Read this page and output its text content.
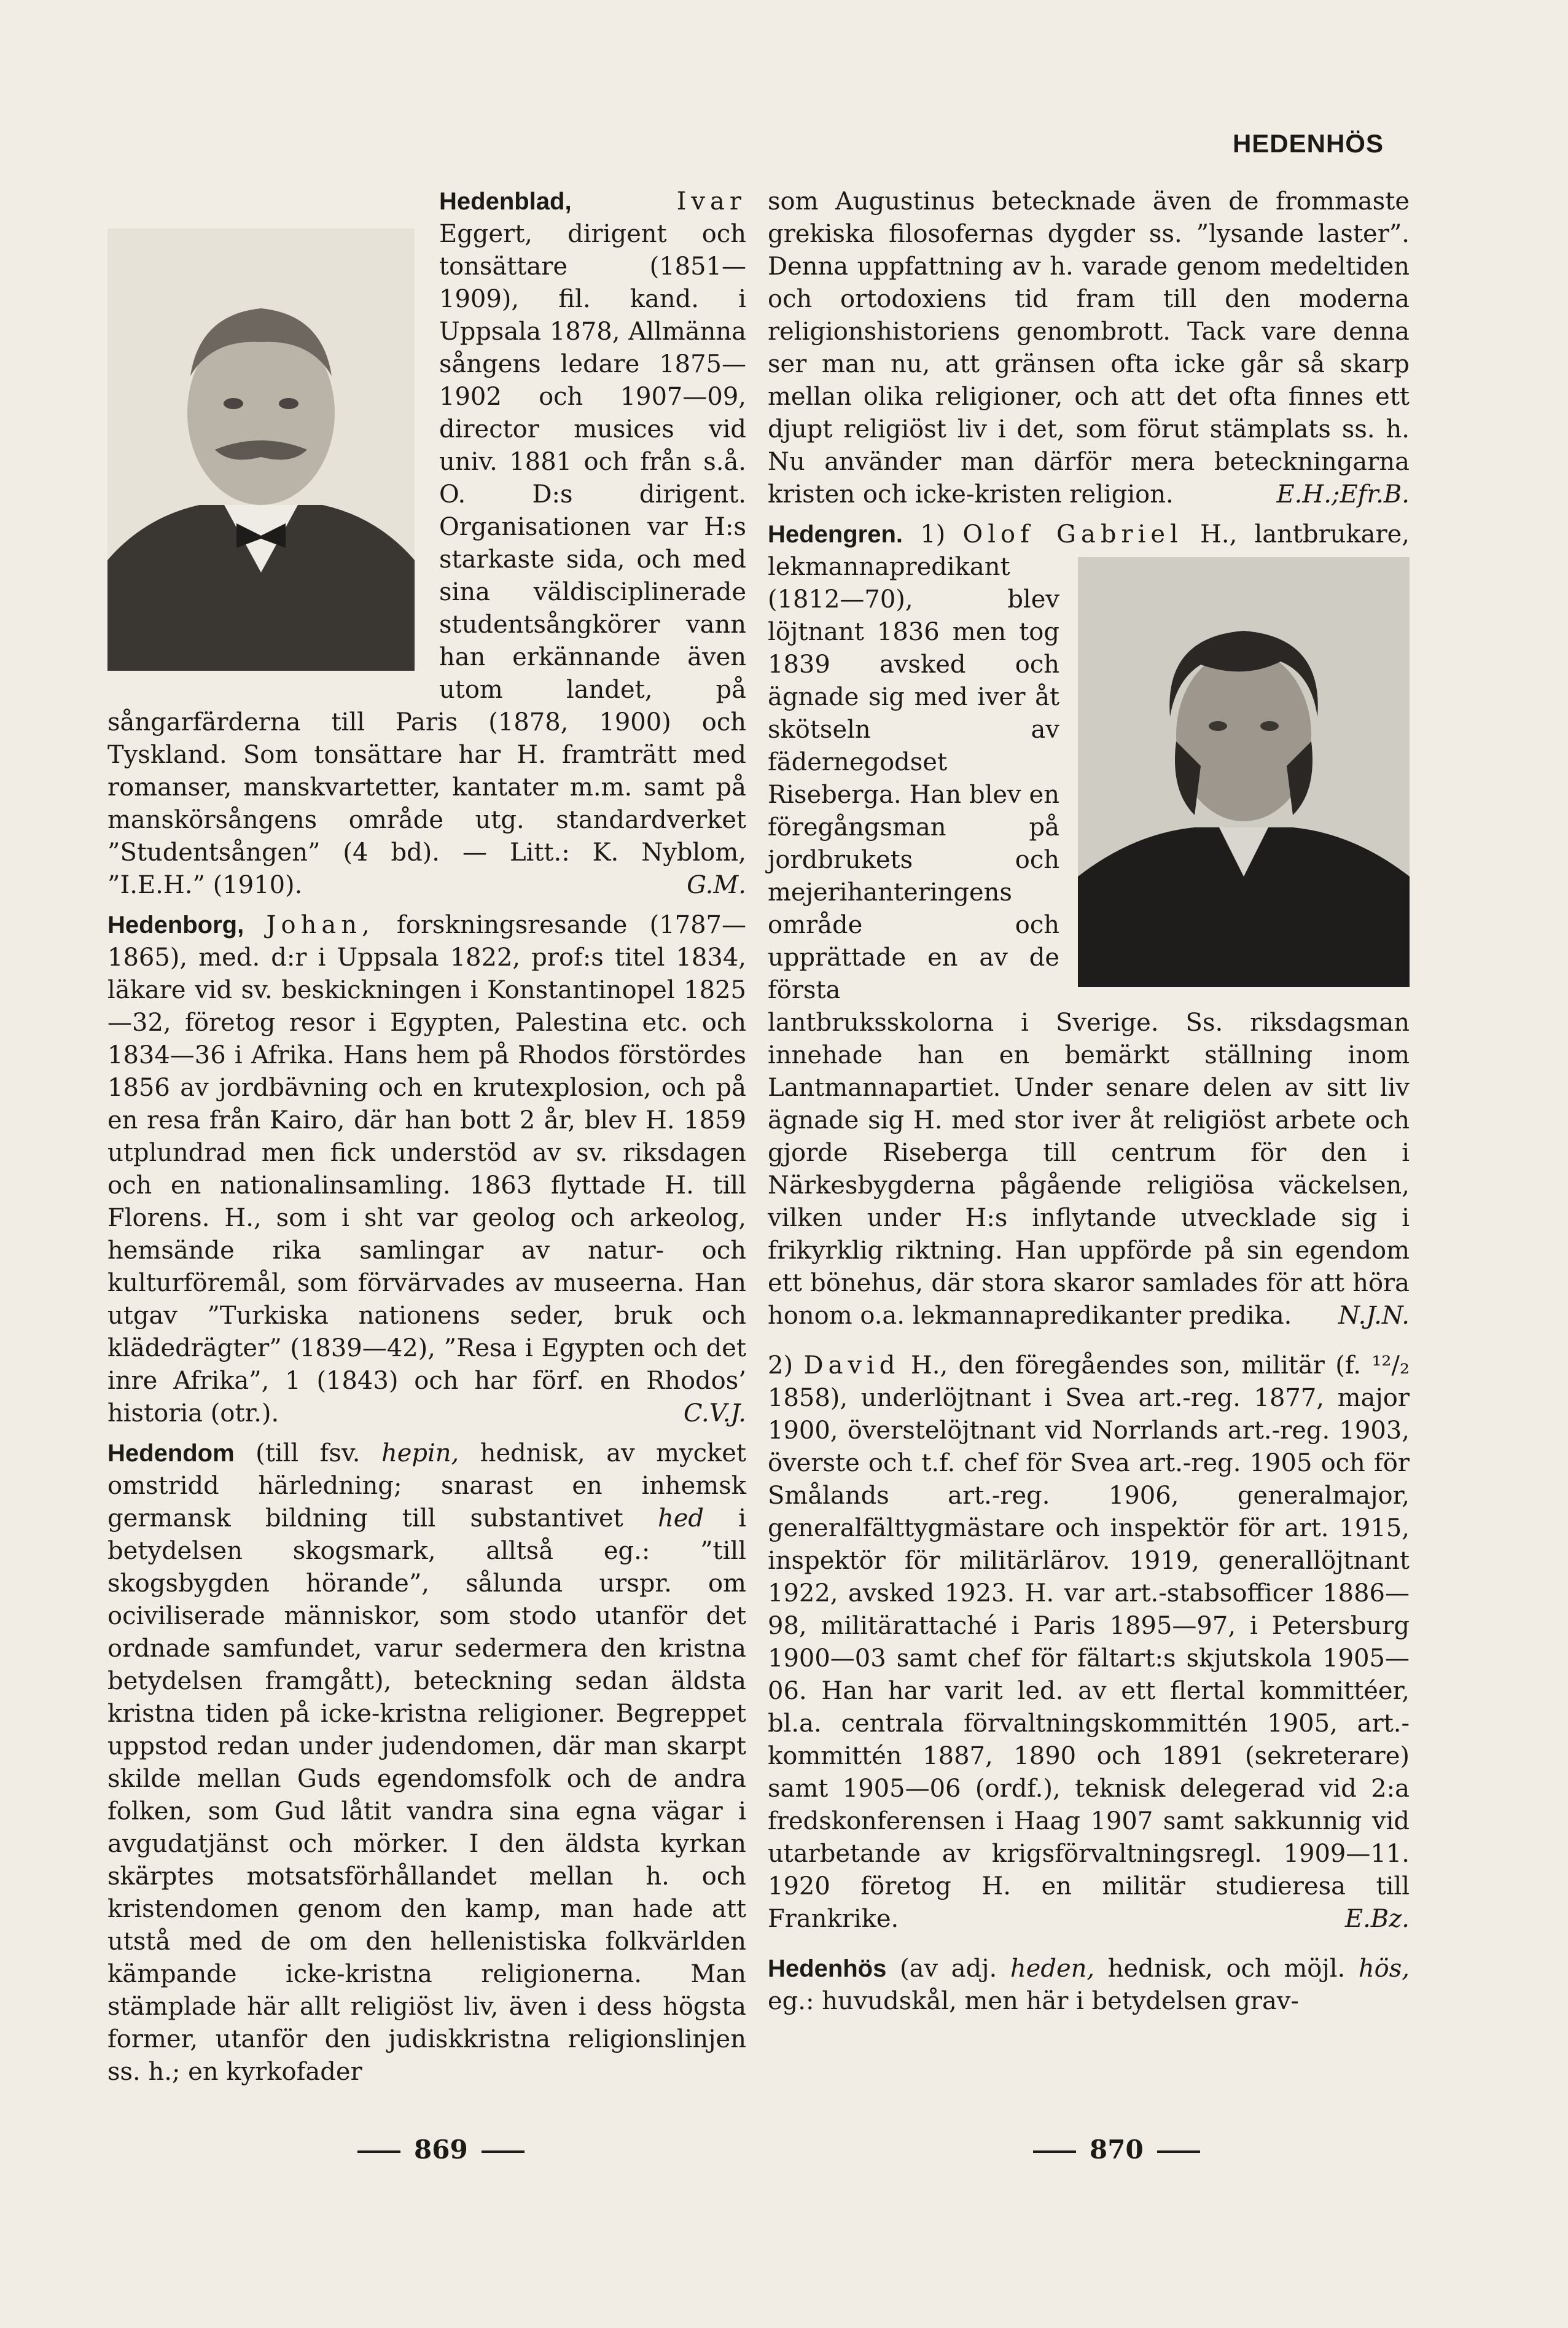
HEDENHÖS

Hedenblad,	Ivar
Eggert, dirigent och tonsättare (1851—1909), fil. kand. i Uppsala 1878, Allmänna sångens ledare 1875—1902 och 1907—09, director musices vid univ. 1881 och från s.å. O. D:s dirigent. Organisationen var H:s starkaste sida, och med sina väldisciplinerade studentsångkörer vann han erkännande även utom landet, på sångarfärderna till Paris (1878, 1900) och Tyskland. Som tonsättare har H. framträtt med romanser, manskvartetter, kantater m.m. samt på manskörsångens område utg. standardverket ”Studentsången” (4 bd). — Litt.: K. Nyblom, ”I.E.H.” (1910).	G.M.

Hedenborg, Johan, forskningsresande (1787—1865), med. d:r i Uppsala 1822, prof:s titel 1834, läkare vid sv. beskickningen i Konstantinopel 1825—32, företog resor i Egypten, Palestina etc. och 1834—36 i Afrika. Hans hem på Rhodos förstördes 1856 av jordbävning och en krutexplosion, och på en resa från Kairo, där han bott 2 år, blev H. 1859 utplundrad men fick understöd av sv. riksdagen och en nationalinsamling. 1863 flyttade H. till Florens. H., som i sht var geolog och arkeolog, hemsände rika samlingar av natur- och kulturföremål, som förvärvades av museerna. Han utgav ”Turkiska nationens seder, bruk och klädedrägter” (1839—42), ”Resa i Egypten och det inre Afrika”, 1 (1843) och har förf. en Rhodos’ historia (otr.).	C.V.J.

Hedendom (till fsv. hepin, hednisk, av mycket omstridd härledning; snarast en inhemsk germansk bildning till substantivet hed i betydelsen skogsmark, alltså eg.: ”till skogsbygden hörande”, sålunda urspr. om ociviliserade människor, som stodo utanför det ordnade samfundet, varur sedermera den kristna betydelsen framgått), beteckning sedan äldsta kristna tiden på icke-kristna religioner. Begreppet uppstod redan under judendomen, där man skarpt skilde mellan Guds egendomsfolk och de andra folken, som Gud låtit vandra sina egna vägar i avgudatjänst och mörker. I den äldsta kyrkan skärptes motsatsförhållandet mellan h. och kristendomen genom den kamp, man hade att utstå med de om den hellenistiska folkvärlden kämpande icke-kristna religionerna. Man stämplade här allt religiöst liv, även i dess högsta former, utanför den judiskkristna religionslinjen ss. h.; en kyrkofader

som Augustinus betecknade även de frommaste grekiska filosofernas dygder ss. ”lysande laster”. Denna uppfattning av h. varade genom medeltiden och ortodoxiens tid fram till den moderna religionshistoriens genombrott. Tack vare denna ser man nu, att gränsen ofta icke går så skarp mellan olika religioner, och att det ofta finnes ett djupt religiöst liv i det, som förut stämplats ss. h. Nu använder man därför mera beteckningarna kristen och icke-kristen religion.	E.H.;Efr.B.

Hedengren. 1) Olof Gabriel
H., lantbrukare, lekmannapredikant (1812—70), blev löjtnant 1836 men tog 1839 avsked och ägnade sig med iver åt skötseln av fädernegodset Riseberga. Han blev en föregångsman på jordbrukets och mejerihanteringens område och upprättade en av de första lantbruksskolorna i Sverige. Ss. riksdagsman innehade han en bemärkt ställning inom Lantmannapartiet. Under senare delen av sitt liv ägnade sig H. med stor iver åt religiöst arbete och gjorde Riseberga till centrum för den i Närkesbygderna pågående religiösa väckelsen, vilken under H:s inflytande utvecklade sig i frikyrklig riktning. Han uppförde på sin egendom ett bönehus, där stora skaror samlades för att höra honom o.a. lekmannapredikanter predika.	N.J.N.

2) David H., den föregåendes son, militär (f. ¹²/₂ 1858), underlöjtnant i Svea art.-reg. 1877, major 1900, överstelöjtnant vid Norrlands art.-reg. 1903, överste och t.f. chef för Svea art.-reg. 1905 och för Smålands art.-reg. 1906, generalmajor, generalfälttygmästare och inspektör för art. 1915, inspektör för militärlärov. 1919, generallöjtnant 1922, avsked 1923. H. var art.-stabsofficer 1886—98, militärattaché i Paris 1895—97, i Petersburg 1900—03 samt chef för fältart:s skjutskola 1905—06. Han har varit led. av ett flertal kommittéer, bl.a. centrala förvaltningskommittén 1905, art.-kommittén 1887, 1890 och 1891 (sekreterare) samt 1905—06 (ordf.), teknisk delegerad vid 2:a fredskonferensen i Haag 1907 samt sakkunnig vid utarbetande av krigsförvaltningsregl. 1909—11. 1920 företog H. en militär studieresa till Frankrike.	E.Bz.

Hedenhös (av adj. heden, hednisk, och möjl. hös, eg.: huvudskål, men här i betydelsen grav-

869	870
